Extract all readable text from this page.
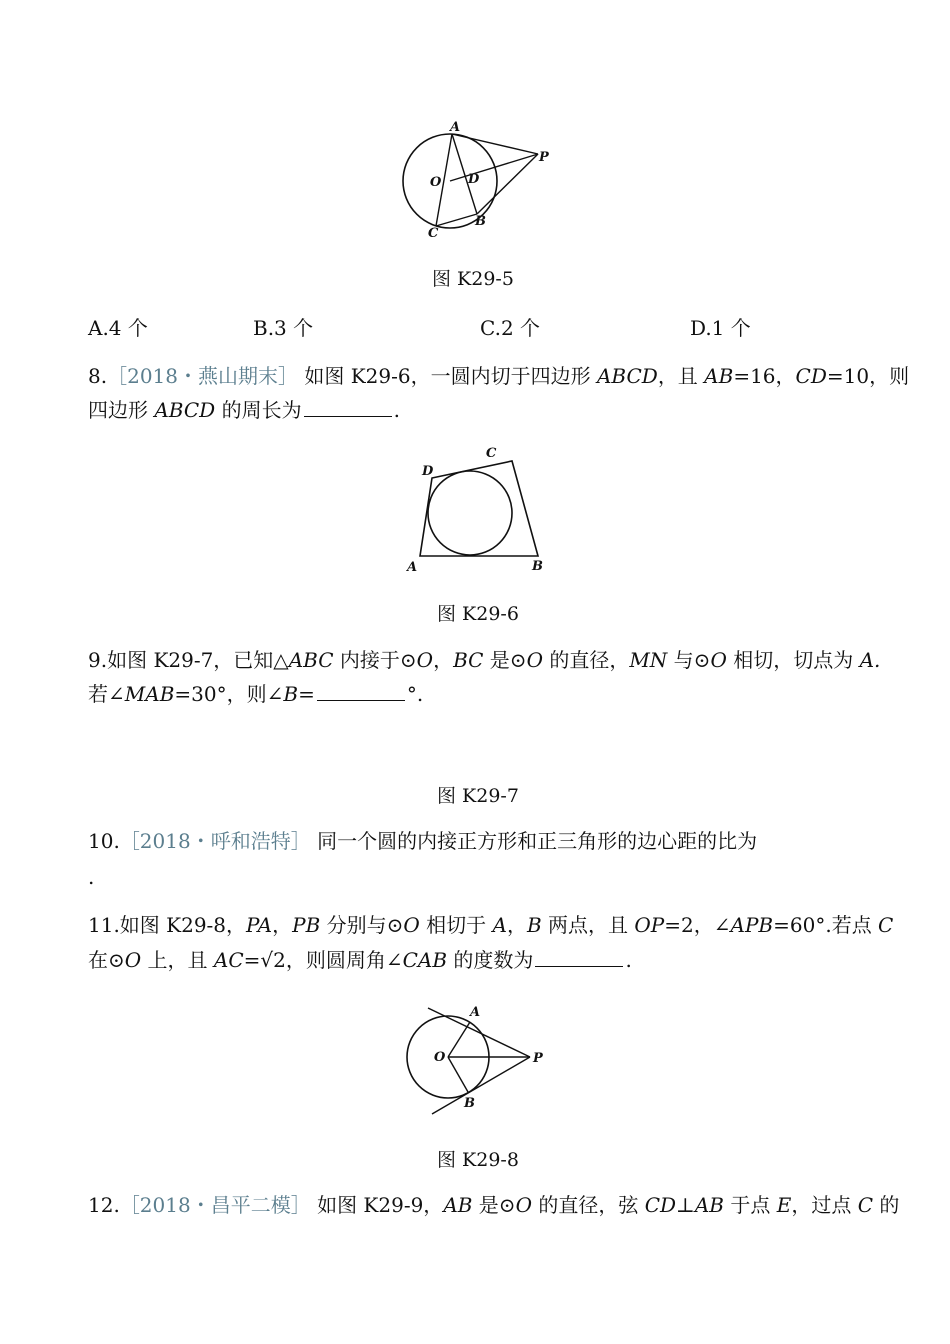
A
P
O D
B
C
图 K29-5
A.4 个	B.3 个	C.2 个	D.1 个
8.［2018・燕山期末］ 如图 K29-6，一圆内切于四边形 ABCD，且 AB=16，CD=10，则
四边形 ABCD 的周长为	.
A	B
C
D
图 K29-6
9.如图 K29-7，已知△ABC 内接于⊙O，BC 是⊙O 的直径，MN 与⊙O 相切，切点为 A.
若∠MAB=30°，则∠B=	°.
图 K29-7
10.［2018・呼和浩特］ 同一个圆的内接正方形和正三角形的边心距的比为
.
11.如图 K29-8，PA，PB 分别与⊙O 相切于 A，B 两点，且 OP=2，∠APB=60°.若点 C
在⊙O 上，且 AC=√2，则圆周角∠CAB 的度数为	.
A
O	P
B
图 K29-8
12.［2018・昌平二模］ 如图 K29-9，AB 是⊙O 的直径，弦 CD⊥AB 于点 E，过点 C 的
